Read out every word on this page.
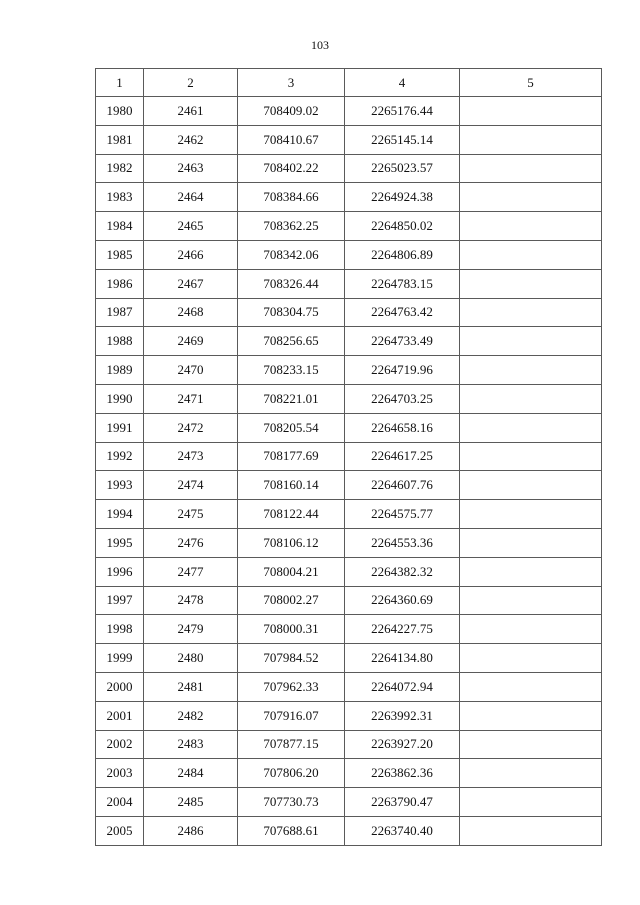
103
1	2	3	4	5
1980	2461	708409.02	2265176.44	
1981	2462	708410.67	2265145.14	
1982	2463	708402.22	2265023.57	
1983	2464	708384.66	2264924.38	
1984	2465	708362.25	2264850.02	
1985	2466	708342.06	2264806.89	
1986	2467	708326.44	2264783.15	
1987	2468	708304.75	2264763.42	
1988	2469	708256.65	2264733.49	
1989	2470	708233.15	2264719.96	
1990	2471	708221.01	2264703.25	
1991	2472	708205.54	2264658.16	
1992	2473	708177.69	2264617.25	
1993	2474	708160.14	2264607.76	
1994	2475	708122.44	2264575.77	
1995	2476	708106.12	2264553.36	
1996	2477	708004.21	2264382.32	
1997	2478	708002.27	2264360.69	
1998	2479	708000.31	2264227.75	
1999	2480	707984.52	2264134.80	
2000	2481	707962.33	2264072.94	
2001	2482	707916.07	2263992.31	
2002	2483	707877.15	2263927.20	
2003	2484	707806.20	2263862.36	
2004	2485	707730.73	2263790.47	
2005	2486	707688.61	2263740.40	
